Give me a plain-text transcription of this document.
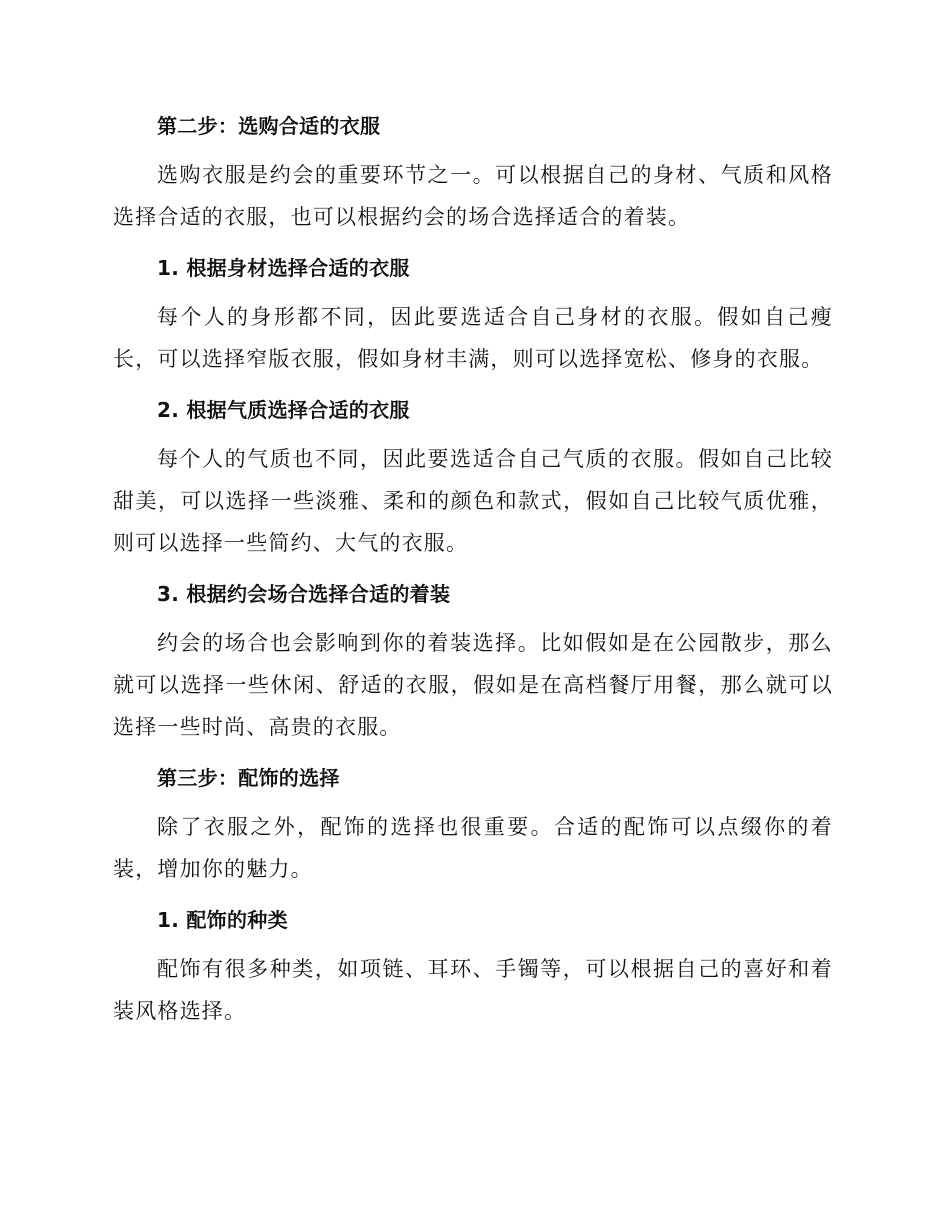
第二步：选购合适的衣服

选购衣服是约会的重要环节之一。可以根据自己的身材、气质和风格选择合适的衣服，也可以根据约会的场合选择适合的着装。

1. 根据身材选择合适的衣服

每个人的身形都不同，因此要选适合自己身材的衣服。假如自己瘦长，可以选择窄版衣服，假如身材丰满，则可以选择宽松、修身的衣服。

2. 根据气质选择合适的衣服

每个人的气质也不同，因此要选适合自己气质的衣服。假如自己比较甜美，可以选择一些淡雅、柔和的颜色和款式，假如自己比较气质优雅，则可以选择一些简约、大气的衣服。

3. 根据约会场合选择合适的着装

约会的场合也会影响到你的着装选择。比如假如是在公园散步，那么就可以选择一些休闲、舒适的衣服，假如是在高档餐厅用餐，那么就可以选择一些时尚、高贵的衣服。

第三步：配饰的选择

除了衣服之外，配饰的选择也很重要。合适的配饰可以点缀你的着装，增加你的魅力。

1. 配饰的种类

配饰有很多种类，如项链、耳环、手镯等，可以根据自己的喜好和着装风格选择。
